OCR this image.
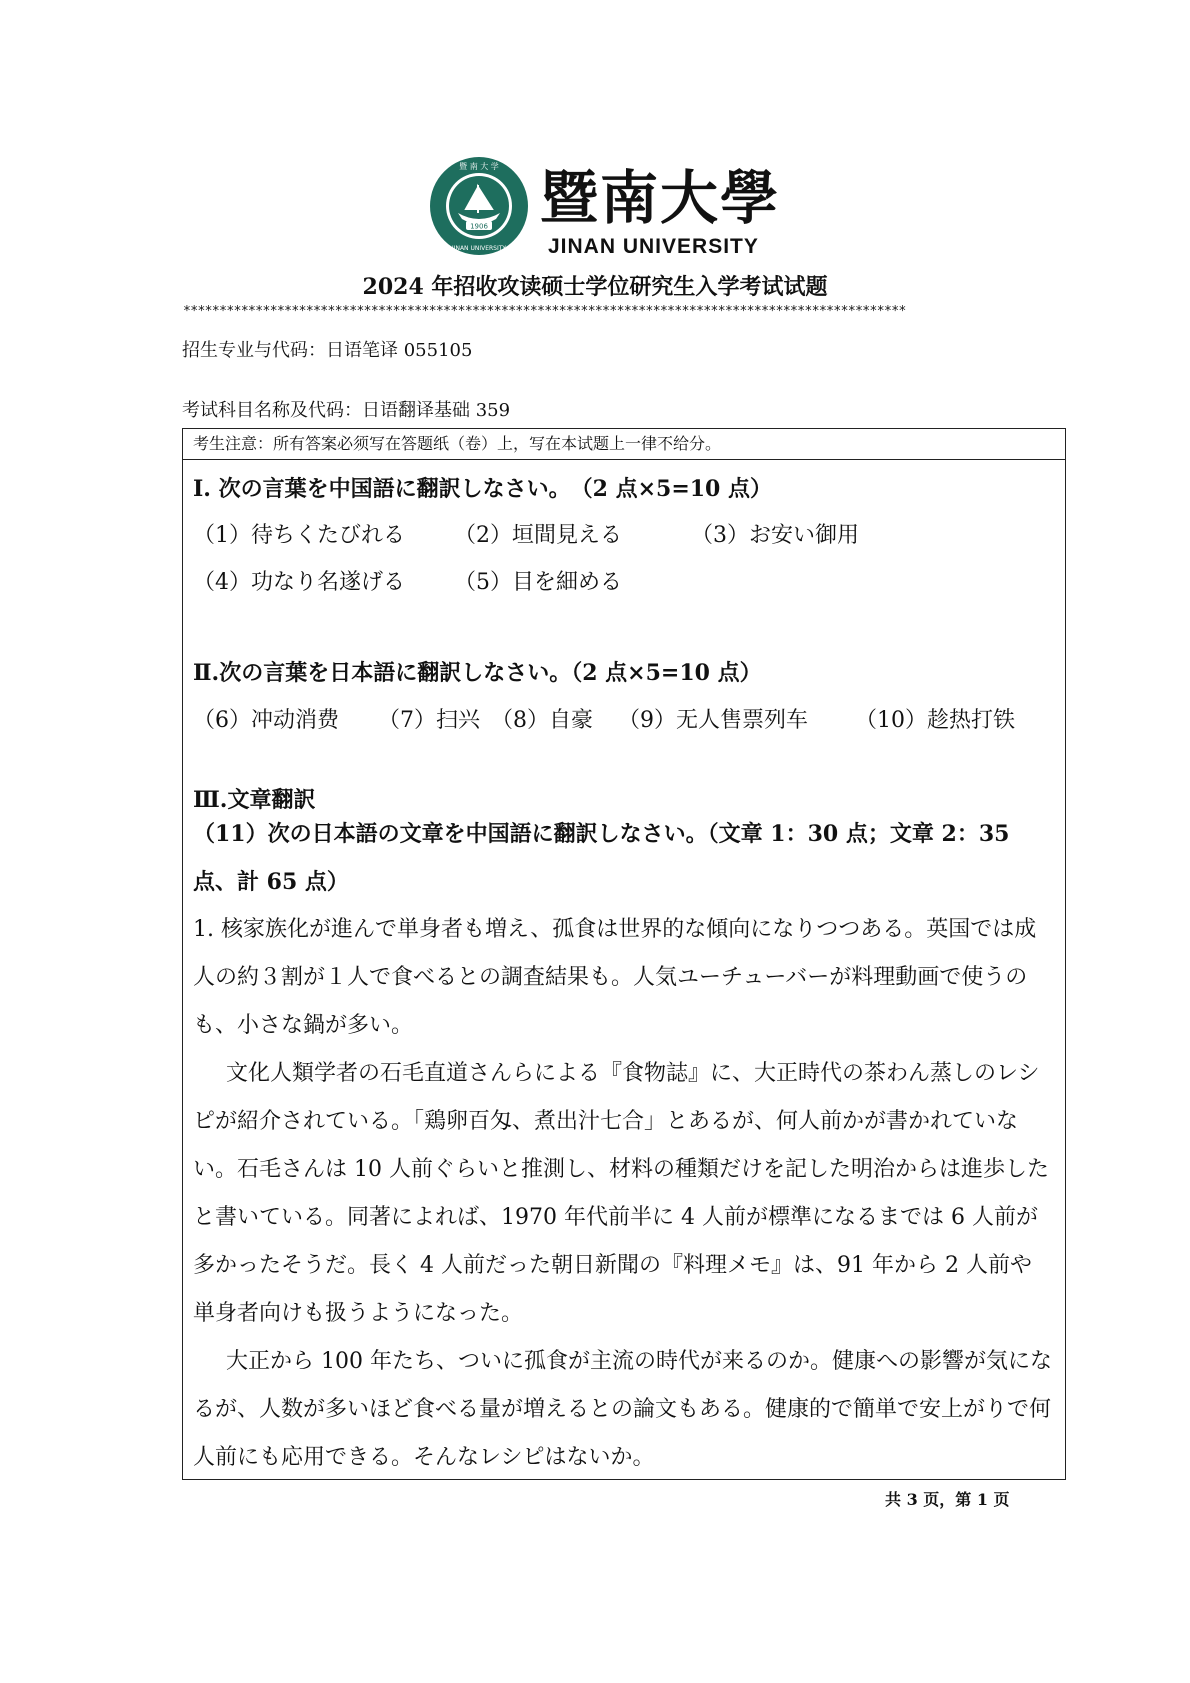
1906
暨 南 大 学
JINAN UNIVERSITY
暨南大學
JINAN UNIVERSITY
2024 年招收攻读硕士学位研究生入学考试试题
****************************************************************************************************
招生专业与代码：日语笔译 055105
考试科目名称及代码：日语翻译基础 359
考生注意：所有答案必须写在答题纸（卷）上，写在本试题上一律不给分。
I. 次の言葉を中国語に翻訳しなさい。　（2 点×5=10 点）
（1）待ちくたびれる （2）垣間見える	（3）お安い御用
（4）功なり名遂げる （5）目を細める
Ⅱ.次の言葉を日本語に翻訳しなさい。（2 点×5=10 点）
（6）冲动消费 （7）扫兴 （8）自豪 （9）无人售票列车 （10）趁热打铁
Ⅲ.文章翻訳

（11）次の日本語の文章を中国語に翻訳しなさい。（文章 1：30 点；文章 2：35 点、計 65 点）

1. 核家族化が進んで単身者も増え、孤食は世界的な傾向になりつつある。英国では成人の約３割が１人で食べるとの調査結果も。人気ユーチューバーが料理動画で使うのも、小さな鍋が多い。

文化人類学者の石毛直道さんらによる『食物誌』に、大正時代の茶わん蒸しのレシピが紹介されている。「鶏卵百匁、煮出汁七合」とあるが、何人前かが書かれていない。石毛さんは 10 人前ぐらいと推測し、材料の種類だけを記した明治からは進歩したと書いている。同著によれば、1970 年代前半に 4 人前が標準になるまでは 6 人前が多かったそうだ。長く 4 人前だった朝日新聞の『料理メモ』は、91 年から 2 人前や単身者向けも扱うようになった。

大正から 100 年たち、ついに孤食が主流の時代が来るのか。健康への影響が気になるが、人数が多いほど食べる量が増えるとの論文もある。健康的で簡単で安上がりで何人前にも応用できる。そんなレシピはないか。

共 3 页，第 1 页
